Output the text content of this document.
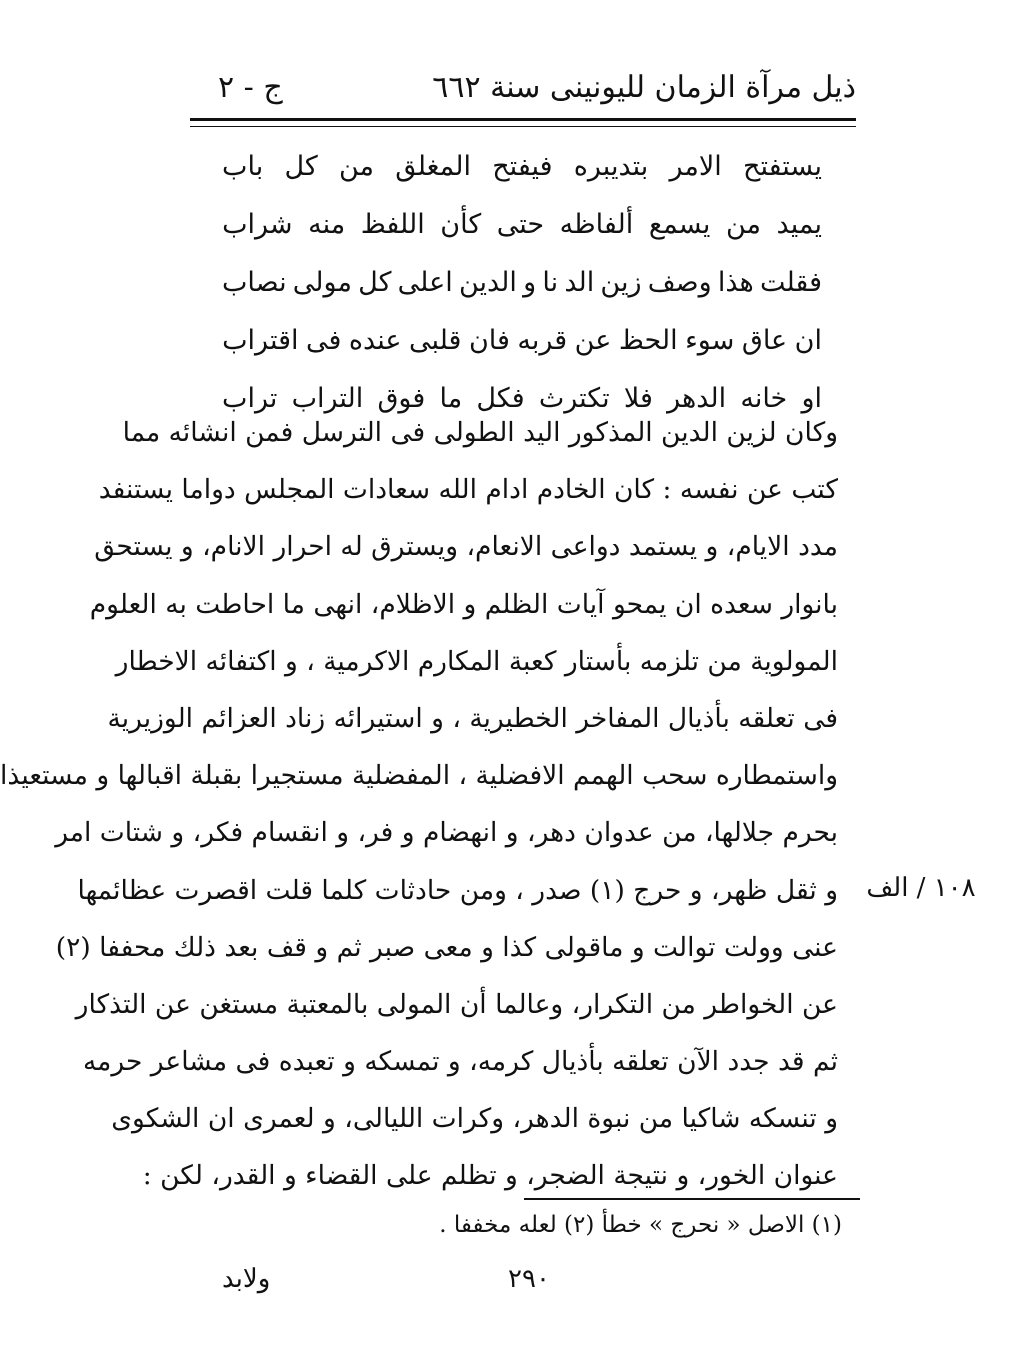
ذيل مرآة الزمان لليونينى سنة ٦٦٢
ج - ٢
يستفتح
الامر
بتديبره
فيفتح
المغلق
من
كل
باب
يميد
من
يسمع
ألفاظه
حتى
كأن
اللفظ
منه
شراب
فقلت
هذا
وصف
زين
الد
نا
و
الدين
اعلى
كل
مولى
نصاب
ان
عاق
سوء
الحظ
عن
قربه
فان
قلبى
عنده
فى
اقتراب
او
خانه
الدهر
فلا
تكترث
فكل
ما
فوق
التراب
تراب
وكان لزين الدين المذكور اليد الطولى فى الترسل فمن انشائه مما
كتب عن نفسه : كان الخادم ادام الله سعادات المجلس دواما يستنفد
مدد الايام، و يستمد دواعى الانعام، ويسترق له احرار الانام، و يستحق
بانوار سعده ان يمحو آيات الظلم و الاظلام، انهى ما احاطت به العلوم
المولوية من تلزمه بأستار كعبة المكارم الاكرمية ، و اكتفائه الاخطار
فى تعلقه بأذيال المفاخر الخطيرية ، و استيرائه زناد العزائم الوزيرية
واستمطاره سحب الهمم الافضلية ، المفضلية مستجيرا بقبلة اقبالها و مستعيذا
بحرم جلالها، من عدوان دهر، و انهضام و فر، و انقسام فكر، و شتات امر
و ثقل ظهر، و حرج (١) صدر ، ومن حادثات كلما قلت اقصرت عظائمها
عنى وولت توالت و ماقولى كذا و معى صبر ثم و قف بعد ذلك محففا (٢)
عن الخواطر من التكرار، وعالما أن المولى بالمعتبة مستغن عن التذكار
ثم قد جدد الآن تعلقه بأذيال كرمه، و تمسكه و تعبده فى مشاعر حرمه
و تنسكه شاكيا من نبوة الدهر، وكرات الليالى، و لعمرى ان الشكوى
عنوان الخور، و نتيجة الضجر، و تظلم على القضاء و القدر، لكن :
١٠٨ / الف
(١) الاصل « نحرج » خطأ (٢) لعله مخففا .
٢٩٠
ولابد
